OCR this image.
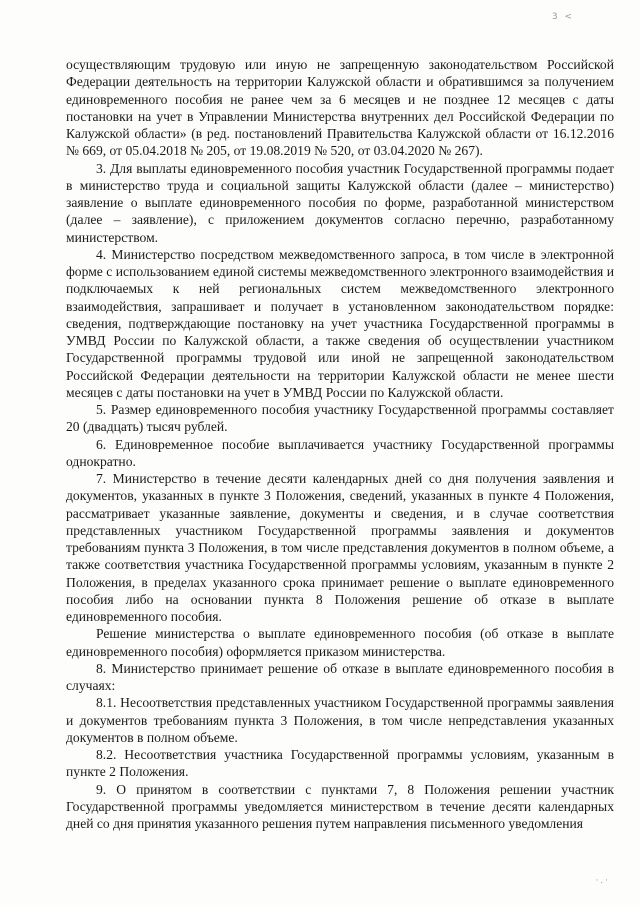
3 <

осуществляющим трудовую или иную не запрещенную законодательством Российской Федерации деятельность на территории Калужской области и обратившимся за получением единовременного пособия не ранее чем за 6 месяцев и не позднее 12 месяцев с даты постановки на учет в Управлении Министерства внутренних дел Российской Федерации по Калужской области» (в ред. постановлений Правительства Калужской области от 16.12.2016 № 669, от 05.04.2018 № 205, от 19.08.2019 № 520, от 03.04.2020 № 267).

3. Для выплаты единовременного пособия участник Государственной программы подает в министерство труда и социальной защиты Калужской области (далее – министерство) заявление о выплате единовременного пособия по форме, разработанной министерством (далее – заявление), с приложением документов согласно перечню, разработанному министерством.

4. Министерство посредством межведомственного запроса, в том числе в электронной форме с использованием единой системы межведомственного электронного взаимодействия и подключаемых к ней региональных систем межведомственного электронного взаимодействия, запрашивает и получает в установленном законодательством порядке: сведения, подтверждающие постановку на учет участника Государственной программы в УМВД России по Калужской области, а также сведения об осуществлении участником Государственной программы трудовой или иной не запрещенной законодательством Российской Федерации деятельности на территории Калужской области не менее шести месяцев с даты постановки на учет в УМВД России по Калужской области.

5. Размер единовременного пособия участнику Государственной программы составляет 20 (двадцать) тысяч рублей.

6. Единовременное пособие выплачивается участнику Государственной программы однократно.

7. Министерство в течение десяти календарных дней со дня получения заявления и документов, указанных в пункте 3 Положения, сведений, указанных в пункте 4 Положения, рассматривает указанные заявление, документы и сведения, и в случае соответствия представленных участником Государственной программы заявления и документов требованиям пункта 3 Положения, в том числе представления документов в полном объеме, а также соответствия участника Государственной программы условиям, указанным в пункте 2 Положения, в пределах указанного срока принимает решение о выплате единовременного пособия либо на основании пункта 8 Положения решение об отказе в выплате единовременного пособия.

Решение министерства о выплате единовременного пособия (об отказе в выплате единовременного пособия) оформляется приказом министерства.

8. Министерство принимает решение об отказе в выплате единовременного пособия в случаях:

8.1. Несоответствия представленных участником Государственной программы заявления и документов требованиям пункта 3 Положения, в том числе непредставления указанных документов в полном объеме.

8.2. Несоответствия участника Государственной программы условиям, указанным в пункте 2 Положения.

9. О принятом в соответствии с пунктами 7, 8 Положения решении участник Государственной программы уведомляется министерством в течение десяти календарных дней со дня принятия указанного решения путем направления письменного уведомления

·.·
